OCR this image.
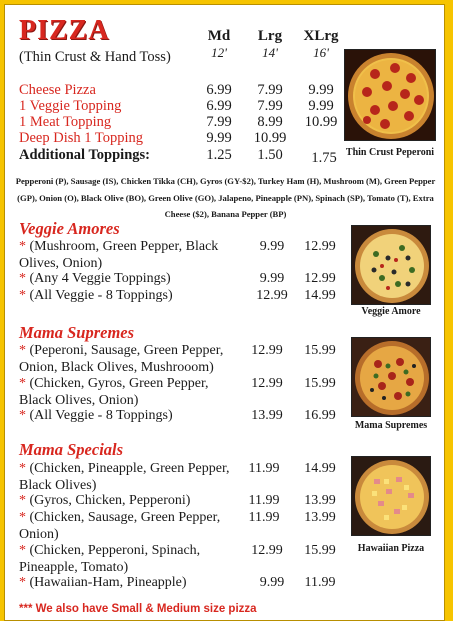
PIZZA
(Thin Crust & Hand Toss)
Md	Lrg	XLrg
12'	14'	16'
Cheese Pizza	6.99	7.99	9.99
1 Veggie Topping	6.99	7.99	9.99
1 Meat Topping	7.99	8.99	10.99
Deep Dish 1 Topping	9.99	10.99
Additional Toppings:	1.25	1.50	1.75 Thin Crust Peperoni
Pepperoni (P), Sausage (IS), Chicken Tikka (CH), Gyros (GY-$2), Turkey Ham (H), Mushroom (M), Green Pepper (GP), Onion (O), Black Olive (BO), Green Olive (GO), Jalapeno, Pineapple (PN), Spinach (SP), Tomato (T), Extra Cheese ($2), Banana Pepper (BP)
Veggie Amores
* (Mushroom, Green Pepper, Black
Olives, Onion)
9.99	12.99
* (Any 4 Veggie Toppings)	9.99	12.99
* (All Veggie - 8 Toppings)	12.99	14.99
Veggie Amore
Mama Supremes
* (Peperoni, Sausage, Green Pepper,
Onion, Black Olives, Mushrooom)
12.99	15.99
* (Chicken, Gyros, Green Pepper,
Black Olives, Onion)
12.99	15.99
* (All Veggie - 8 Toppings)	13.99	16.99
Mama Supremes
Mama Specials
* (Chicken, Pineapple, Green Pepper,
Black Olives)
11.99	14.99
* (Gyros, Chicken, Pepperoni)	11.99	13.99
* (Chicken, Sausage, Green Pepper,
Onion)
11.99	13.99
* (Chicken, Pepperoni, Spinach,
Pineapple, Tomato)
12.99	15.99
* (Hawaiian-Ham, Pineapple)	9.99	11.99
Hawaiian Pizza
*** We also have Small & Medium size pizza
